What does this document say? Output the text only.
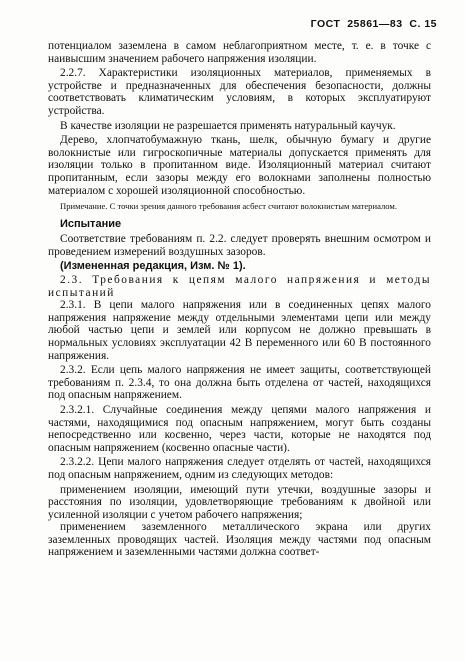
ГОСТ  25861—83  С. 15

потенциалом заземлена в самом неблагоприятном месте, т. е. в точке с наивысшим значением рабочего напряжения изоляции.

2.2.7. Характеристики изоляционных материалов, применяемых в устройстве и предназначенных для обеспечения безопасности, должны соответствовать климатическим условиям, в которых эксплуатируют устройства.

В качестве изоляции не разрешается применять натуральный каучук.

Дерево, хлопчатобумажную ткань, шелк, обычную бумагу и другие волокнистые или гигроскопичные материалы допускается применять для изоляции только в пропитанном виде. Изоляционный материал считают пропитанным, если зазоры между его волокнами заполнены полностью материалом с хорошей изоляционной способностью.

Примечание. С точки зрения данного требования асбест считают волокнистым материалом.

Испытание

Соответствие требованиям п. 2.2. следует проверять внешним осмотром и проведением измерений воздушных зазоров.

(Измененная редакция, Изм. № 1).

2.3. Требования к цепям малого напряжения и методы испытаний

2.3.1. В цепи малого напряжения или в соединенных цепях малого напряжения напряжение между отдельными элементами цепи или между любой частью цепи и землей или корпусом не должно превышать в нормальных условиях эксплуатации 42 В переменного или 60 В постоянного напряжения.

2.3.2. Если цепь малого напряжения не имеет защиты, соответствующей требованиям п. 2.3.4, то она должна быть отделена от частей, находящихся под опасным напряжением.

2.3.2.1. Случайные соединения между цепями малого напряжения и частями, находящимися под опасным напряжением, могут быть созданы непосредственно или косвенно, через части, которые не находятся под опасным напряжением (косвенно опасные части).

2.3.2.2. Цепи малого напряжения следует отделять от частей, находящихся под опасным напряжением, одним из следующих методов:

применением изоляции, имеющий пути утечки, воздушные зазоры и расстояния по изоляции, удовлетворяющие требованиям к двойной или усиленной изоляции с учетом рабочего напряжения;

применением заземленного металлического экрана или других заземленных проводящих частей. Изоляция между частями под опасным напряжением и заземленными частями должна соответ-
